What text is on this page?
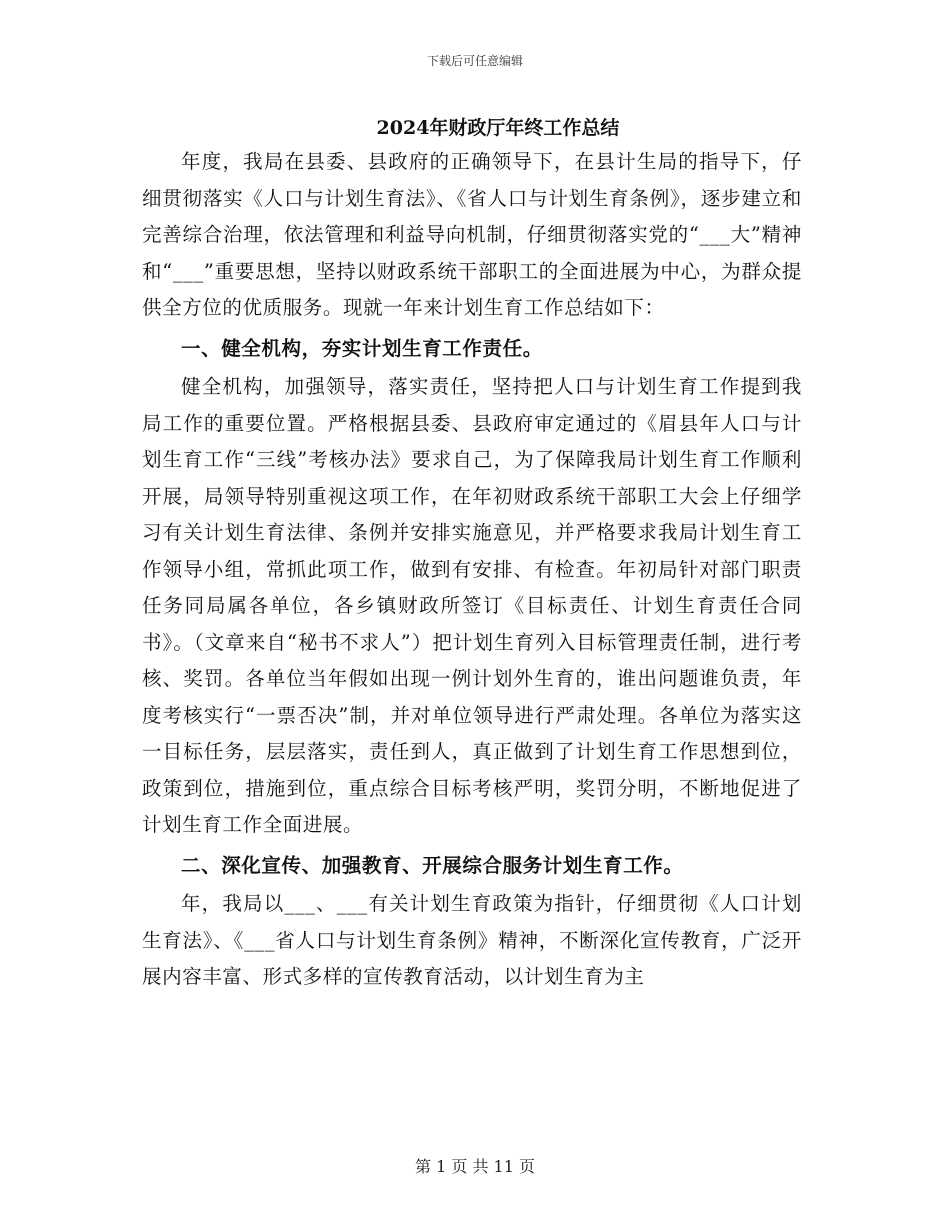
下载后可任意编辑
2024年财政厅年终工作总结

年度，我局在县委、县政府的正确领导下，在县计生局的指导下，仔细贯彻落实《人口与计划生育法》、《省人口与计划生育条例》，逐步建立和完善综合治理，依法管理和利益导向机制，仔细贯彻落实党的“___大”精神和“___”重要思想，坚持以财政系统干部职工的全面进展为中心，为群众提供全方位的优质服务。现就一年来计划生育工作总结如下：

一、健全机构，夯实计划生育工作责任。

健全机构，加强领导，落实责任，坚持把人口与计划生育工作提到我局工作的重要位置。严格根据县委、县政府审定通过的《眉县年人口与计划生育工作“三线”考核办法》要求自己，为了保障我局计划生育工作顺利开展，局领导特别重视这项工作，在年初财政系统干部职工大会上仔细学习有关计划生育法律、条例并安排实施意见，并严格要求我局计划生育工作领导小组，常抓此项工作，做到有安排、有检查。年初局针对部门职责任务同局属各单位，各乡镇财政所签订《目标责任、计划生育责任合同书》。（文章来自“秘书不求人”）把计划生育列入目标管理责任制，进行考核、奖罚。各单位当年假如出现一例计划外生育的，谁出问题谁负责，年度考核实行“一票否决”制，并对单位领导进行严肃处理。各单位为落实这一目标任务，层层落实，责任到人，真正做到了计划生育工作思想到位，政策到位，措施到位，重点综合目标考核严明，奖罚分明，不断地促进了计划生育工作全面进展。

二、深化宣传、加强教育、开展综合服务计划生育工作。

年，我局以___、___有关计划生育政策为指针，仔细贯彻《人口计划生育法》、《___省人口与计划生育条例》精神，不断深化宣传教育，广泛开展内容丰富、形式多样的宣传教育活动，以计划生育为主

第 1 页 共 11 页
